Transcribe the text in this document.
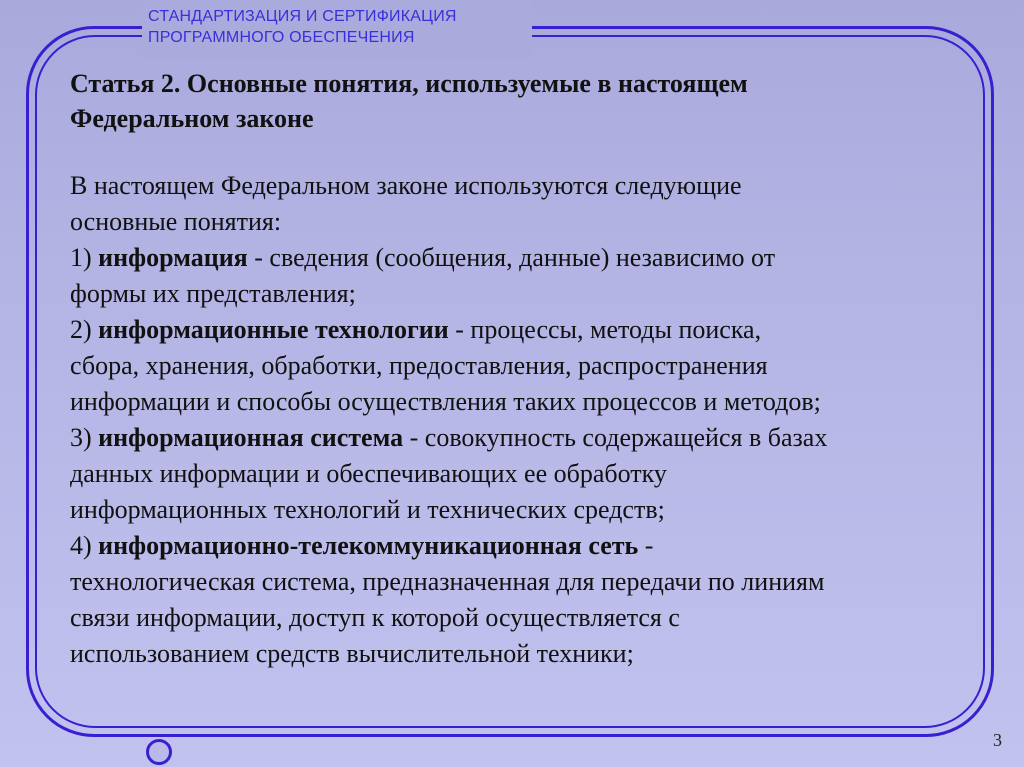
СТАНДАРТИЗАЦИЯ И СЕРТИФИКАЦИЯ
ПРОГРАММНОГО ОБЕСПЕЧЕНИЯ
Статья 2. Основные понятия, используемые в настоящем
Федеральном законе
В настоящем Федеральном законе используются следующие
основные понятия:
1) информация - сведения (сообщения, данные) независимо от
формы их представления;
2) информационные технологии - процессы, методы поиска,
сбора, хранения, обработки, предоставления, распространения
информации и способы осуществления таких процессов и методов;
3) информационная система - совокупность содержащейся в базах
данных информации и обеспечивающих ее обработку
информационных технологий и технических средств;
4) информационно-телекоммуникационная сеть -
технологическая система, предназначенная для передачи по линиям
связи информации, доступ к которой осуществляется с
использованием средств вычислительной техники;
3
